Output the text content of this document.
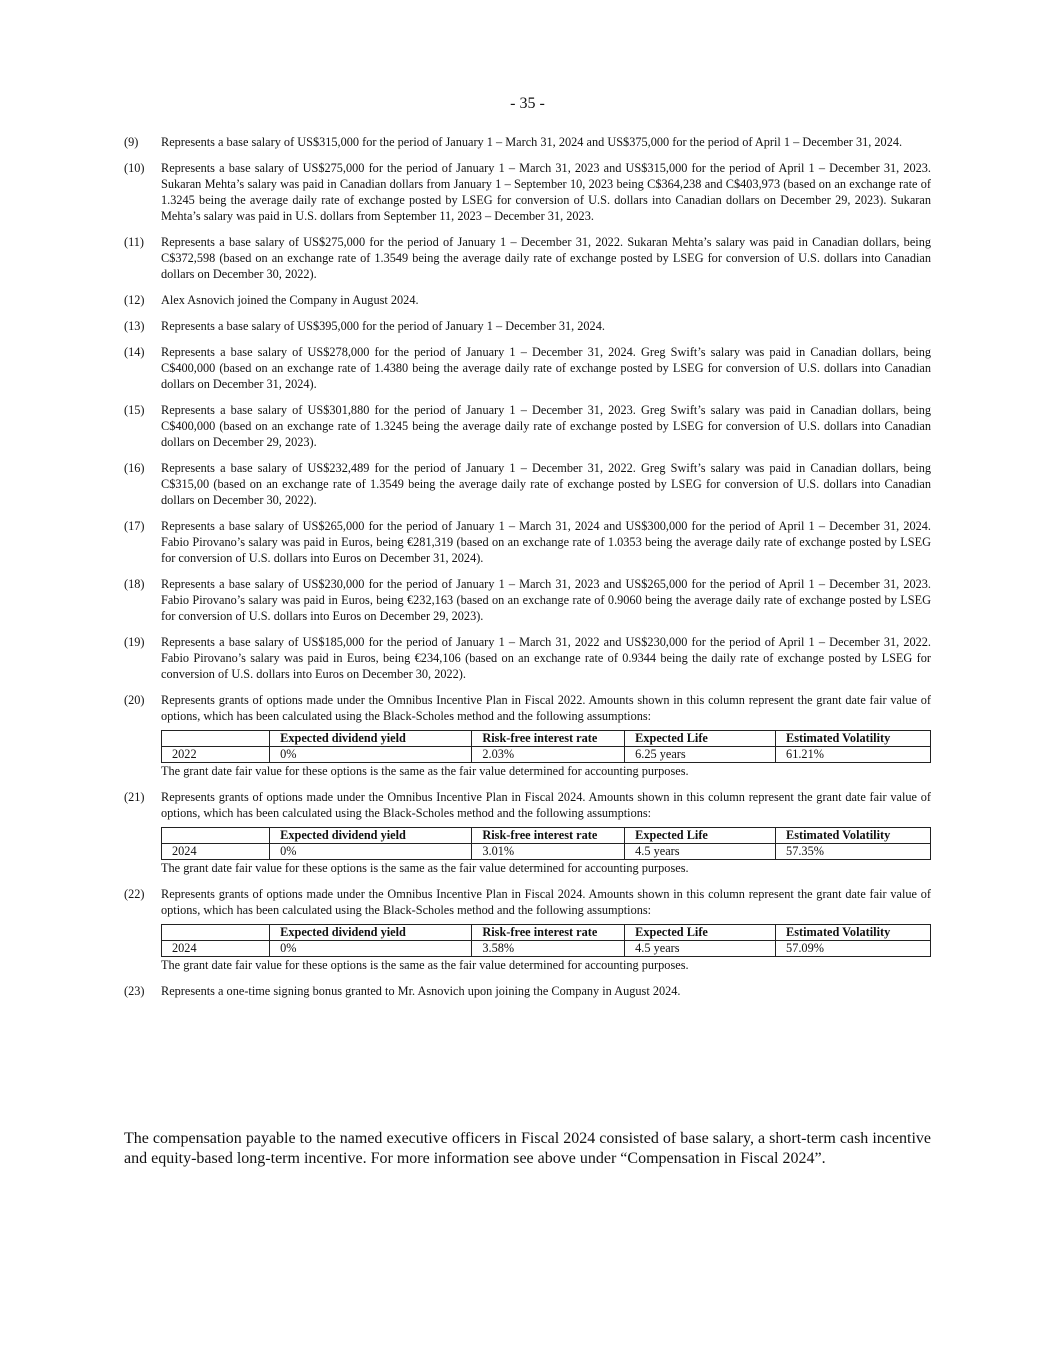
- 35 -
(9)	Represents a base salary of US$315,000 for the period of January 1 – March 31, 2024 and US$375,000 for the period of April 1 – December 31, 2024.

(10)	Represents a base salary of US$275,000 for the period of January 1 – March 31, 2023 and US$315,000 for the period of April 1 – December 31, 2023. Sukaran Mehta’s salary was paid in Canadian dollars from January 1 – September 10, 2023 being C$364,238 and C$403,973 (based on an exchange rate of 1.3245 being the average daily rate of exchange posted by LSEG for conversion of U.S. dollars into Canadian dollars on December 29, 2023). Sukaran Mehta’s salary was paid in U.S. dollars from September 11, 2023 – December 31, 2023.

(11)	Represents a base salary of US$275,000 for the period of January 1 – December 31, 2022. Sukaran Mehta’s salary was paid in Canadian dollars, being C$372,598 (based on an exchange rate of 1.3549 being the average daily rate of exchange posted by LSEG for conversion of U.S. dollars into Canadian dollars on December 30, 2022).

(12)	Alex Asnovich joined the Company in August 2024.

(13)	Represents a base salary of US$395,000 for the period of January 1 – December 31, 2024.

(14)	Represents a base salary of US$278,000 for the period of January 1 – December 31, 2024. Greg Swift’s salary was paid in Canadian dollars, being C$400,000 (based on an exchange rate of 1.4380 being the average daily rate of exchange posted by LSEG for conversion of U.S. dollars into Canadian dollars on December 31, 2024).

(15)	Represents a base salary of US$301,880 for the period of January 1 – December 31, 2023. Greg Swift’s salary was paid in Canadian dollars, being C$400,000 (based on an exchange rate of 1.3245 being the average daily rate of exchange posted by LSEG for conversion of U.S. dollars into Canadian dollars on December 29, 2023).

(16)	Represents a base salary of US$232,489 for the period of January 1 – December 31, 2022. Greg Swift’s salary was paid in Canadian dollars, being C$315,00 (based on an exchange rate of 1.3549 being the average daily rate of exchange posted by LSEG for conversion of U.S. dollars into Canadian dollars on December 30, 2022).

(17)	Represents a base salary of US$265,000 for the period of January 1 – March 31, 2024 and US$300,000 for the period of April 1 – December 31, 2024. Fabio Pirovano’s salary was paid in Euros, being €281,319 (based on an exchange rate of 1.0353 being the average daily rate of exchange posted by LSEG for conversion of U.S. dollars into Euros on December 31, 2024).

(18)	Represents a base salary of US$230,000 for the period of January 1 – March 31, 2023 and US$265,000 for the period of April 1 – December 31, 2023. Fabio Pirovano’s salary was paid in Euros, being €232,163 (based on an exchange rate of 0.9060 being the average daily rate of exchange posted by LSEG for conversion of U.S. dollars into Euros on December 29, 2023).

(19)	Represents a base salary of US$185,000 for the period of January 1 – March 31, 2022 and US$230,000 for the period of April 1 – December 31, 2022. Fabio Pirovano’s salary was paid in Euros, being €234,106 (based on an exchange rate of 0.9344 being the daily rate of exchange posted by LSEG for conversion of U.S. dollars into Euros on December 30, 2022).

(20)	Represents grants of options made under the Omnibus Incentive Plan in Fiscal 2022. Amounts shown in this column represent the grant date fair value of options, which has been calculated using the Black-Scholes method and the following assumptions:

	Expected dividend yield	Risk-free interest rate	Expected Life	Estimated Volatility
2022	0%	2.03%	6.25 years	61.21%

The grant date fair value for these options is the same as the fair value determined for accounting purposes.

(21)	Represents grants of options made under the Omnibus Incentive Plan in Fiscal 2024. Amounts shown in this column represent the grant date fair value of options, which has been calculated using the Black-Scholes method and the following assumptions:

	Expected dividend yield	Risk-free interest rate	Expected Life	Estimated Volatility
2024	0%	3.01%	4.5 years	57.35%

The grant date fair value for these options is the same as the fair value determined for accounting purposes.

(22)	Represents grants of options made under the Omnibus Incentive Plan in Fiscal 2024. Amounts shown in this column represent the grant date fair value of options, which has been calculated using the Black-Scholes method and the following assumptions:

	Expected dividend yield	Risk-free interest rate	Expected Life	Estimated Volatility
2024	0%	3.58%	4.5 years	57.09%

The grant date fair value for these options is the same as the fair value determined for accounting purposes.

(23)	Represents a one-time signing bonus granted to Mr. Asnovich upon joining the Company in August 2024.

The compensation payable to the named executive officers in Fiscal 2024 consisted of base salary, a short-term cash incentive and equity-based long-term incentive. For more information see above under “Compensation in Fiscal 2024”.
